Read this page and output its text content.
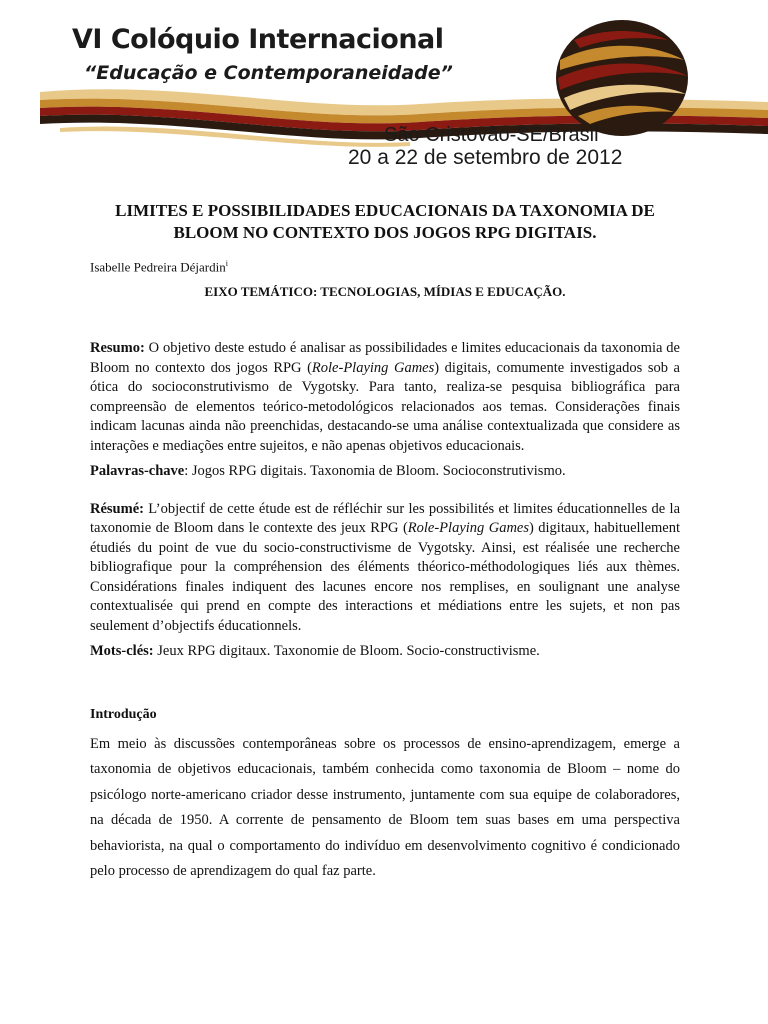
VI Colóquio Internacional

“Educação e Contemporaneidade”

São Cristovão-SE/Brasil

20 a 22 de setembro de 2012

LIMITES E POSSIBILIDADES EDUCACIONAIS DA TAXONOMIA DE
BLOOM NO CONTEXTO DOS JOGOS RPG DIGITAIS.

Isabelle Pedreira Déjardin$^i$

EIXO TEMÁTICO: TECNOLOGIAS, MÍDIAS E EDUCAÇÃO.

Resumo: O objetivo deste estudo é analisar as possibilidades e limites educacionais da taxonomia de Bloom no contexto dos jogos RPG (Role-Playing Games) digitais, comumente investigados sob a ótica do socioconstrutivismo de Vygotsky. Para tanto, realiza-se pesquisa bibliográfica para compreensão de elementos teórico-metodológicos relacionados aos temas. Considerações finais indicam lacunas ainda não preenchidas, destacando-se uma análise contextualizada que considere as interações e mediações entre sujeitos, e não apenas objetivos educacionais.

Palavras-chave: Jogos RPG digitais. Taxonomia de Bloom. Socioconstrutivismo.

Résumé: L’objectif de cette étude est de réfléchir sur les possibilités et limites éducationnelles de la taxonomie de Bloom dans le contexte des jeux RPG (Role-Playing Games) digitaux, habituellement étudiés du point de vue du socio-constructivisme de Vygotsky. Ainsi, est réalisée une recherche bibliografique pour la compréhension des éléments théorico-méthodologiques liés aux thèmes. Considérations finales indiquent des lacunes encore nos remplises, en soulignant une analyse contextualisée qui prend en compte des interactions et médiations entre les sujets, et non pas seulement d’objectifs éducationnels.

Mots-clés: Jeux RPG digitaux. Taxonomie de Bloom. Socio-constructivisme.

Introdução

Em meio às discussões contemporâneas sobre os processos de ensino-aprendizagem, emerge a taxonomia de objetivos educacionais, também conhecida como taxonomia de Bloom – nome do psicólogo norte-americano criador desse instrumento, juntamente com sua equipe de colaboradores, na década de 1950. A corrente de pensamento de Bloom tem suas bases em uma perspectiva behaviorista, na qual o comportamento do indivíduo em desenvolvimento cognitivo é condicionado pelo processo de aprendizagem do qual faz parte.
